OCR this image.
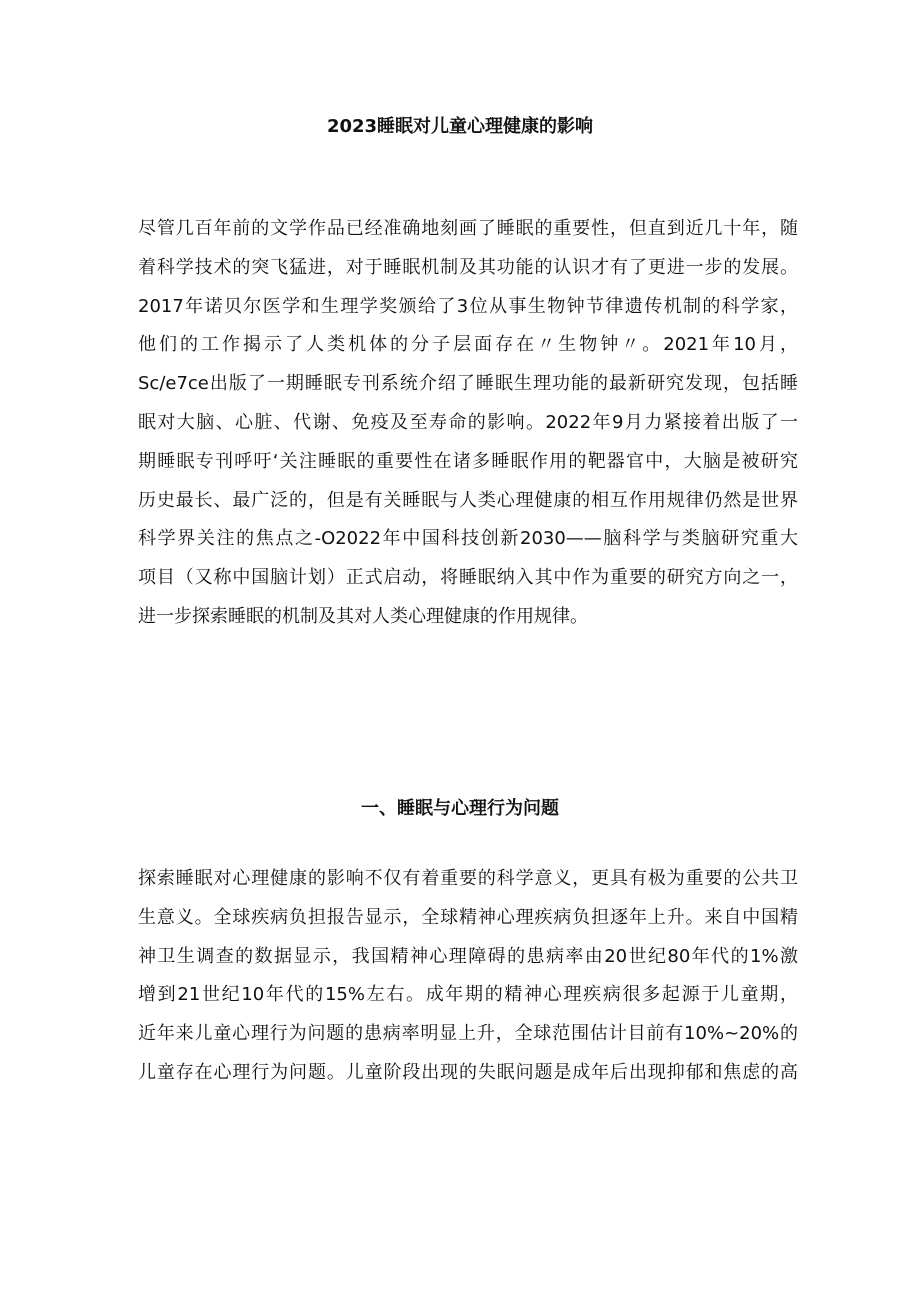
2023睡眠对儿童心理健康的影响

尽管几百年前的文学作品已经准确地刻画了睡眠的重要性，但直到近几十年，随
着科学技术的突飞猛进，对于睡眠机制及其功能的认识才有了更进一步的发展。
2017年诺贝尔医学和生理学奖颁给了3位从事生物钟节律遗传机制的科学家，
他们的工作揭示了人类机体的分子层面存在〃生物钟〃。2021年10月，
Sc∕e7ce出版了一期睡眠专刊系统介绍了睡眠生理功能的最新研究发现，包括睡
眠对大脑、心脏、代谢、免疫及至寿命的影响。2022年9月力紧接着出版了一
期睡眠专刊呼吁‘关注睡眠的重要性在诸多睡眠作用的靶器官中，大脑是被研究
历史最长、最广泛的，但是有关睡眠与人类心理健康的相互作用规律仍然是世界
科学界关注的焦点之-O2022年中国科技创新2030——脑科学与类脑研究重大
项目（又称中国脑计划）正式启动，将睡眠纳入其中作为重要的研究方向之一，
进一步探索睡眠的机制及其对人类心理健康的作用规律。

一、睡眠与心理行为问题

探索睡眠对心理健康的影响不仅有着重要的科学意义，更具有极为重要的公共卫
生意义。全球疾病负担报告显示，全球精神心理疾病负担逐年上升。来自中国精
神卫生调查的数据显示，我国精神心理障碍的患病率由20世纪80年代的1%激
增到21世纪10年代的15%左右。成年期的精神心理疾病很多起源于儿童期，
近年来儿童心理行为问题的患病率明显上升，全球范围估计目前有10%~20%的
儿童存在心理行为问题。儿童阶段出现的失眠问题是成年后出现抑郁和焦虑的高
